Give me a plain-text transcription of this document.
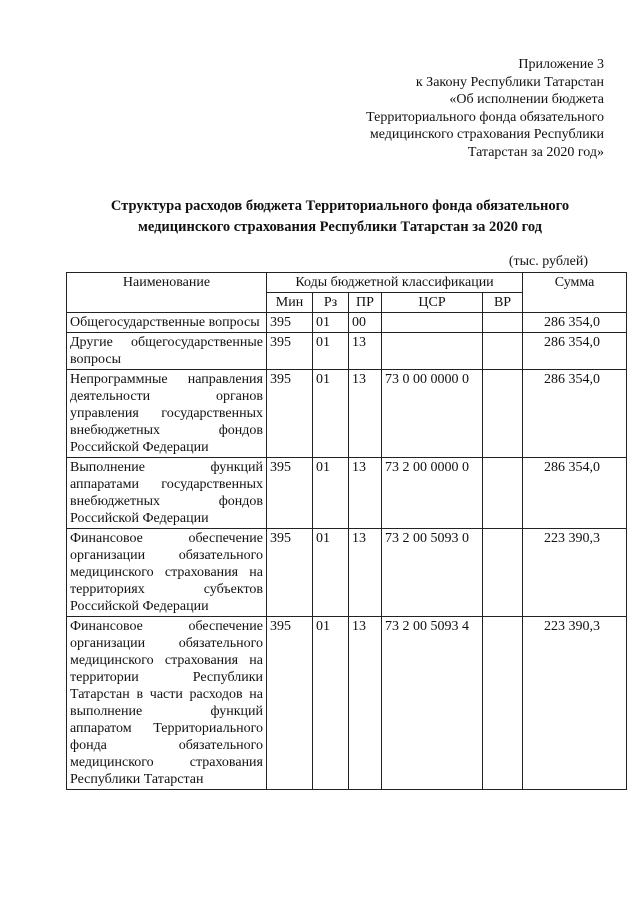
Приложение 3
к Закону Республики Татарстан
«Об исполнении бюджета
Территориального фонда обязательного
медицинского страхования Республики
Татарстан за 2020 год»
Структура расходов бюджета Территориального фонда обязательного
медицинского страхования Республики Татарстан за 2020 год
(тыс. рублей)
Наименование	Коды бюджетной классификации					Сумма
	Мин	Рз	ПР	ЦСР	ВР	
Общегосударственные вопросы	395	01	00			286 354,0
Другие общегосударственные вопросы	395	01	13			286 354,0
Непрограммные направления деятельности органов управления государственных внебюджетных фондов Российской Федерации	395	01	13	73 0 00 0000 0		286 354,0
Выполнение функций аппаратами государственных внебюджетных фондов Российской Федерации	395	01	13	73 2 00 0000 0		286 354,0
Финансовое обеспечение организации обязательного медицинского страхования на территориях субъектов Российской Федерации	395	01	13	73 2 00 5093 0		223 390,3
Финансовое обеспечение организации обязательного медицинского страхования на территории Республики Татарстан в части расходов на выполнение функций аппаратом Территориального фонда обязательного медицинского страхования Республики Татарстан	395	01	13	73 2 00 5093 4		223 390,3
